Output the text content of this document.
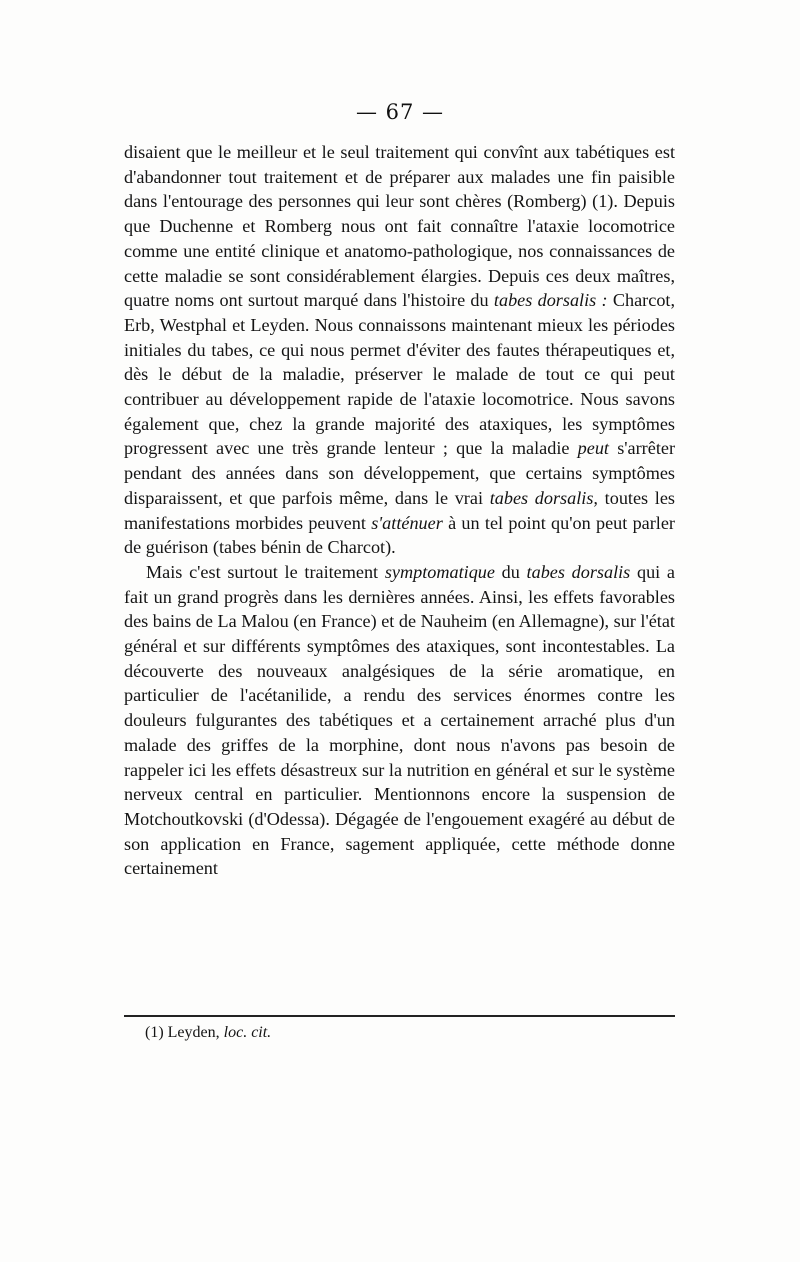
— 67 —

disaient que le meilleur et le seul traitement qui convînt aux tabétiques est d'abandonner tout traitement et de préparer aux malades une fin paisible dans l'entourage des personnes qui leur sont chères (Romberg) (1). Depuis que Duchenne et Romberg nous ont fait connaître l'ataxie locomotrice comme une entité clinique et anatomo-pathologique, nos connaissances de cette maladie se sont considérablement élargies. Depuis ces deux maîtres, quatre noms ont surtout marqué dans l'histoire du tabes dorsalis : Charcot, Erb, Westphal et Leyden. Nous connaissons maintenant mieux les périodes initiales du tabes, ce qui nous permet d'éviter des fautes thérapeutiques et, dès le début de la maladie, préserver le malade de tout ce qui peut contribuer au développement rapide de l'ataxie locomotrice. Nous savons également que, chez la grande majorité des ataxiques, les symptômes progressent avec une très grande lenteur ; que la maladie peut s'arrêter pendant des années dans son développement, que certains symptômes disparaissent, et que parfois même, dans le vrai tabes dorsalis, toutes les manifestations morbides peuvent s'atténuer à un tel point qu'on peut parler de guérison (tabes bénin de Charcot).

Mais c'est surtout le traitement symptomatique du tabes dorsalis qui a fait un grand progrès dans les dernières années. Ainsi, les effets favorables des bains de La Malou (en France) et de Nauheim (en Allemagne), sur l'état général et sur différents symptômes des ataxiques, sont incontestables. La découverte des nouveaux analgésiques de la série aromatique, en particulier de l'acétanilide, a rendu des services énormes contre les douleurs fulgurantes des tabétiques et a certainement arraché plus d'un malade des griffes de la morphine, dont nous n'avons pas besoin de rappeler ici les effets désastreux sur la nutrition en général et sur le système nerveux central en particulier. Mentionnons encore la suspension de Motchoutkovski (d'Odessa). Dégagée de l'engouement exagéré au début de son application en France, sagement appliquée, cette méthode donne certainement

(1) Leyden, loc. cit.
